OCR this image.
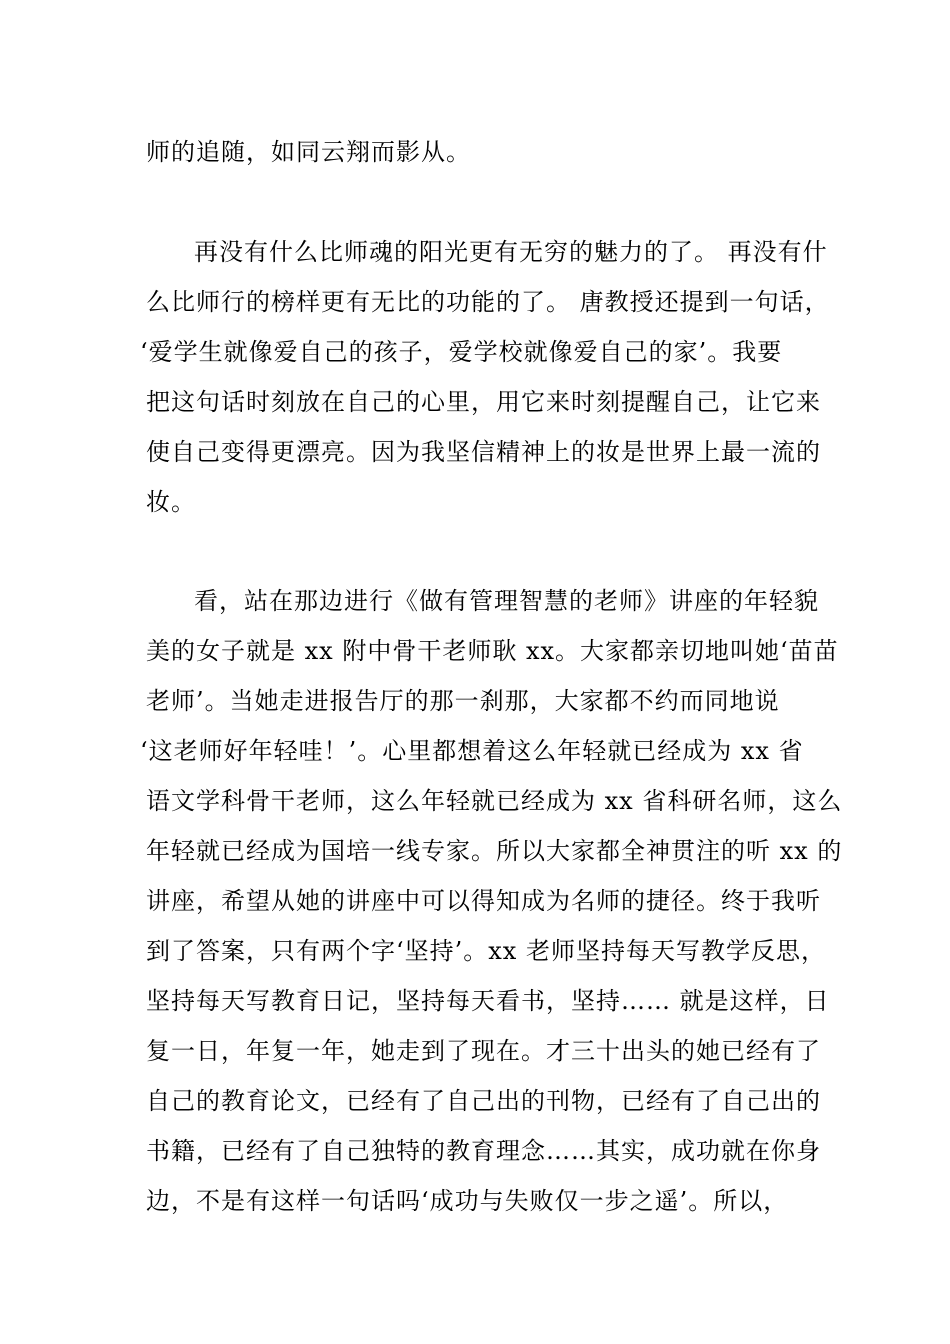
师的追随，如同云翔而影从。
再没有什么比师魂的阳光更有无穷的魅力的了。 再没有什
么比师行的榜样更有无比的功能的了。 唐教授还提到一句话，
‘爱学生就像爱自己的孩子，爱学校就像爱自己的家’。我要
把这句话时刻放在自己的心里，用它来时刻提醒自己，让它来
使自己变得更漂亮。因为我坚信精神上的妆是世界上最一流的
妆。
看，站在那边进行《做有管理智慧的老师》讲座的年轻貌
美的女子就是 xx 附中骨干老师耿 xx。大家都亲切地叫她‘苗苗
老师’。当她走进报告厅的那一刹那，大家都不约而同地说
‘这老师好年轻哇！’。心里都想着这么年轻就已经成为 xx 省
语文学科骨干老师，这么年轻就已经成为 xx 省科研名师，这么
年轻就已经成为国培一线专家。所以大家都全神贯注的听 xx 的
讲座，希望从她的讲座中可以得知成为名师的捷径。终于我听
到了答案，只有两个字‘坚持’。xx 老师坚持每天写教学反思，
坚持每天写教育日记，坚持每天看书，坚持…… 就是这样，日
复一日，年复一年，她走到了现在。才三十出头的她已经有了
自己的教育论文，已经有了自己出的刊物，已经有了自己出的
书籍，已经有了自己独特的教育理念……其实，成功就在你身
边，不是有这样一句话吗‘成功与失败仅一步之遥’。所以，
